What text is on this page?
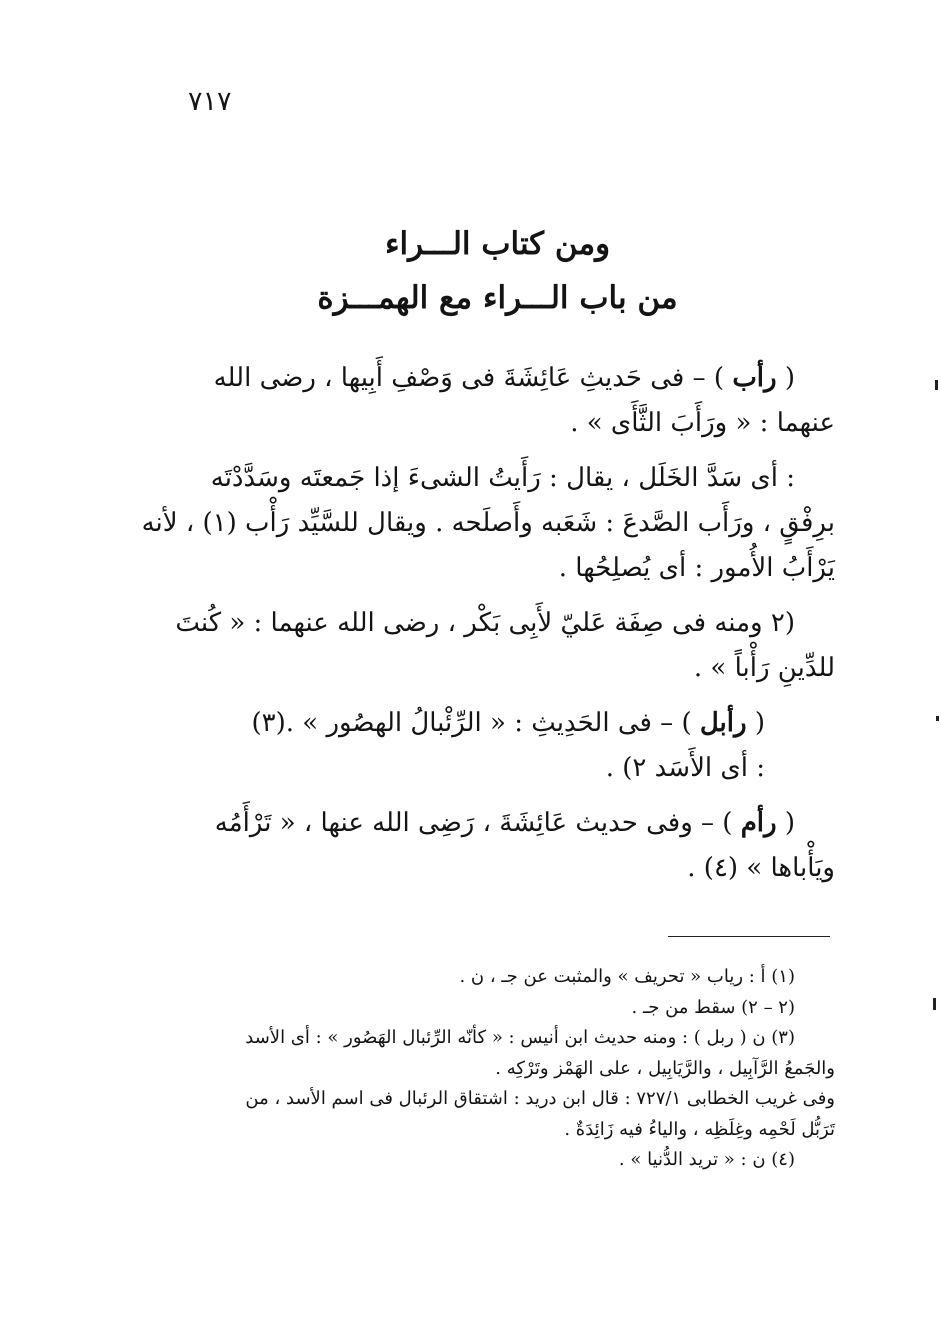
٧١٧
ومن كتاب الـــراء
من باب الـــراء مع الهمـــزة
( رأب ) – فى حَديثِ عَائِشَةَ فى وَصْفِ أَبِيها ، رضى الله
عنهما : « ورَأَبَ الثَّأَى » .
: أى سَدَّ الخَلَل ، يقال : رَأَيتُ الشىءَ إذا جَمعتَه وسَدَّدْتَه
برِفْقٍ ، ورَأَب الصَّدعَ : شَعَبه وأَصلَحه . ويقال للسَّيِّد رَأْب (١) ، لأنه
يَرْأَبُ الأُمور : أى يُصلِحُها .
(٢ ومنه فى صِفَة عَليّ لأَبِى بَكْر ، رضى الله عنهما : « كُنتَ
للدِّينِ رَأْباً » .
( رأبل ) – فى الحَدِيثِ : « الرِّئْبالُ الهصُور » .(٣)
: أى الأَسَد ٢) .
( رأم ) – وفى حديث عَائِشَةَ ، رَضِى الله عنها ، « تَرْأَمُه
ويَأْباها » (٤) .
(١) أ : رياب « تحريف » والمثبت عن جـ ، ن .
(٢ – ٢) سقط من جـ .
(٣) ن ( ربل ) : ومنه حديث ابن أنيس : « كأنّه الرِّئبال الهَصُور » : أى الأسد
والجَمعُ الرَّآبِيل ، والرَّيَابِيل ، على الهَمْز وتَرْكِه .
وفى غريب الخطابى ٧٢٧/١ : قال ابن دريد : اشتقاق الرئبال فى اسم الأسد ، من
تَرَبُّل لَحْمِه وغِلَظِه ، والياءُ فيه زَائِدَةٌ .
(٤) ن : « تريد الدُّنيا » .
